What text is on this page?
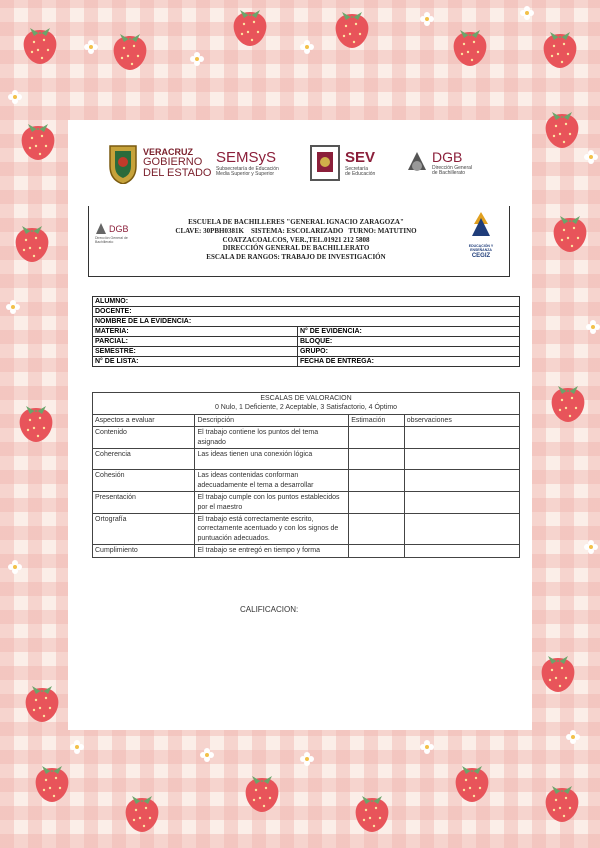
VERACRUZ
GOBIERNO
DEL ESTADO
SEMSyS
Subsecretaría de Educación
Media Superior y Superior
SEV
Secretaría
de Educación
DGB
Dirección General
de Bachillerato
DGB
Dirección General de Bachillerato
ESCUELA DE BACHILLERES "GENERAL IGNACIO ZARAGOZA"
CLAVE: 30PBH0381K    SISTEMA: ESCOLARIZADO   TURNO: MATUTINO
COATZACOALCOS, VER.,TEL.01921 212 5808
DIRECCIÓN GENERAL DE BACHILLERATO
ESCALA DE RANGOS: TRABAJO DE INVESTIGACIÓN
EDUCACIÓN Y ENSEÑANZA
CEGIZ
ALUMNO:	
DOCENTE:	
NOMBRE DE LA EVIDENCIA:	
MATERIA:	N° DE EVIDENCIA:
PARCIAL:	BLOQUE:
SEMESTRE:	GRUPO:
N° DE LISTA:	FECHA DE ENTREGA:
ESCALAS DE VALORACION
0 Nulo, 1 Deficiente, 2 Aceptable, 3 Satisfactorio, 4 Óptimo			

Aspectos a evaluar	Descripción	Estimación	observaciones
Contenido	El trabajo contiene los puntos del tema asignado		
Coherencia	Las ideas tienen una conexión lógica		
Cohesión	Las ideas contenidas conforman adecuadamente el tema a desarrollar		
Presentación	El trabajo cumple con los puntos establecidos por el maestro		
Ortografía	El trabajo está correctamente escrito, correctamente acentuado y con los signos de puntuación adecuados.		
Cumplimiento	El trabajo se entregó en tiempo y forma		
CALIFICACION:
